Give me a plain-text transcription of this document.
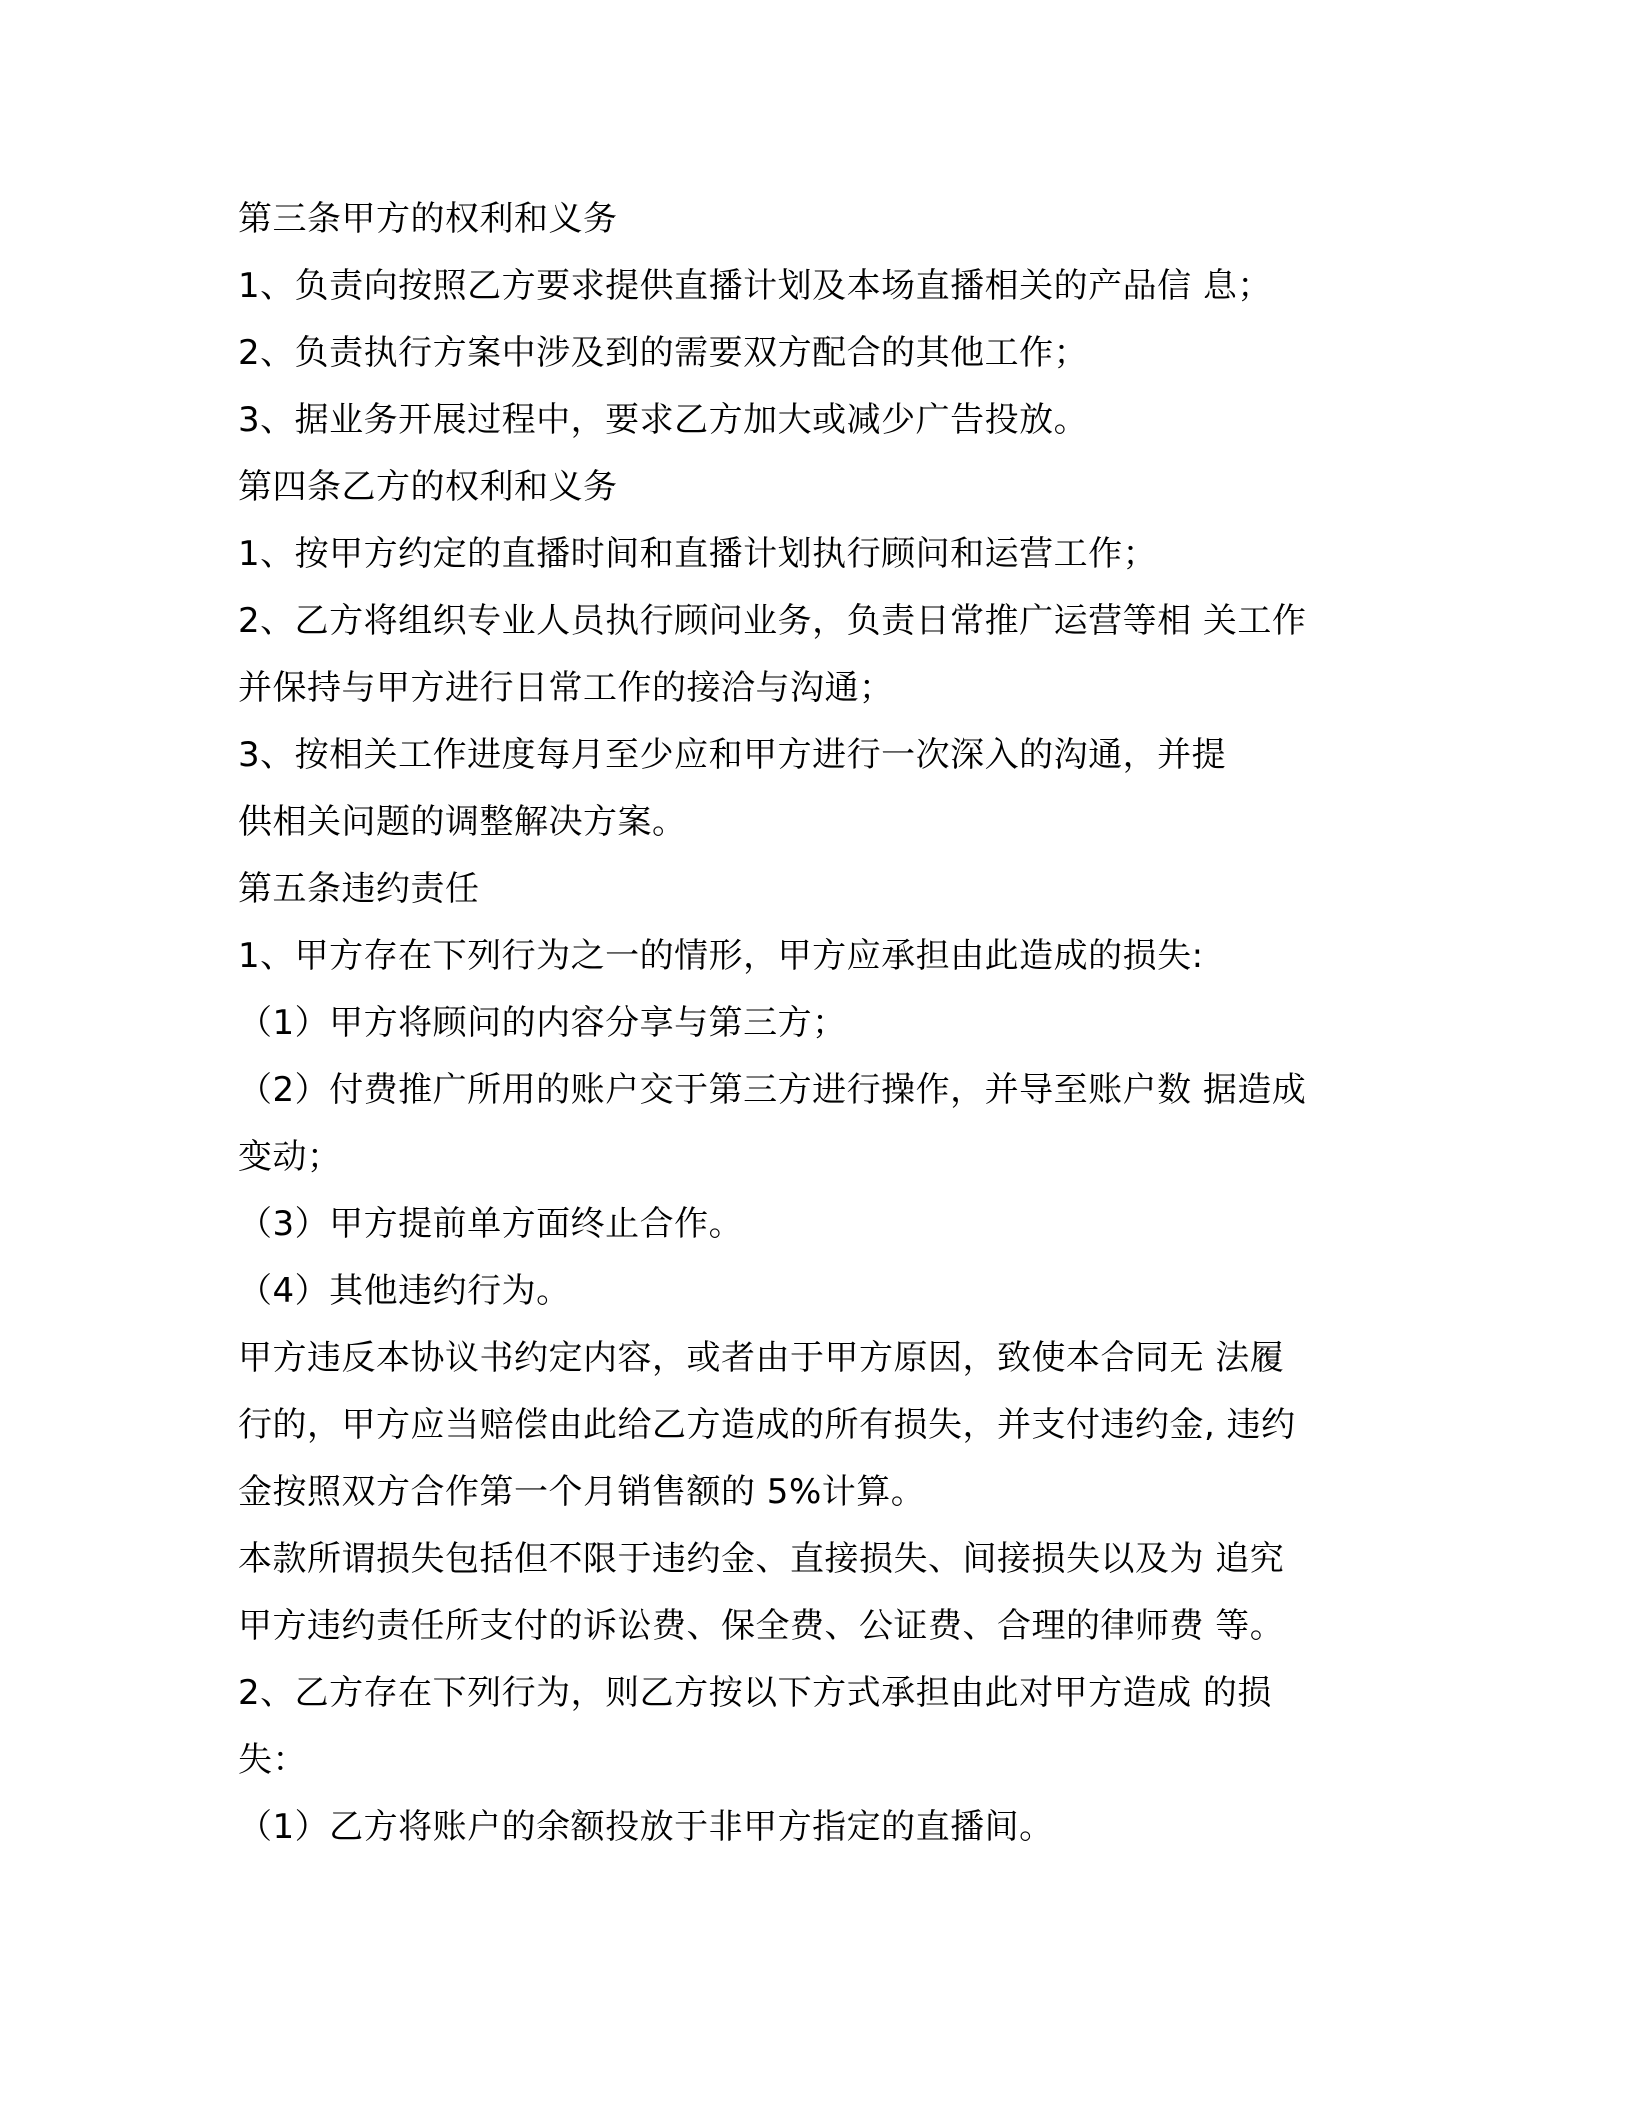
第三条甲方的权利和义务
1、负责向按照乙方要求提供直播计划及本场直播相关的产品信 息；
2、负责执行方案中涉及到的需要双方配合的其他工作；
3、据业务开展过程中，要求乙方加大或减少广告投放。
第四条乙方的权利和义务
1、按甲方约定的直播时间和直播计划执行顾问和运营工作；
2、乙方将组织专业人员执行顾问业务，负责日常推广运营等相 关工作
并保持与甲方进行日常工作的接洽与沟通；
3、按相关工作进度每月至少应和甲方进行一次深入的沟通，并提
供相关问题的调整解决方案。
第五条违约责任
1、甲方存在下列行为之一的情形，甲方应承担由此造成的损失:
（1）甲方将顾问的内容分享与第三方；
（2）付费推广所用的账户交于第三方进行操作，并导至账户数 据造成
变动；
（3）甲方提前单方面终止合作。
（4）其他违约行为。
甲方违反本协议书约定内容，或者由于甲方原因，致使本合同无 法履
行的，甲方应当赔偿由此给乙方造成的所有损失，并支付违约金, 违约
金按照双方合作第一个月销售额的 5%计算。
本款所谓损失包括但不限于违约金、直接损失、间接损失以及为 追究
甲方违约责任所支付的诉讼费、保全费、公证费、合理的律师费 等。
2、乙方存在下列行为，则乙方按以下方式承担由此对甲方造成 的损
失：
（1）乙方将账户的余额投放于非甲方指定的直播间。
